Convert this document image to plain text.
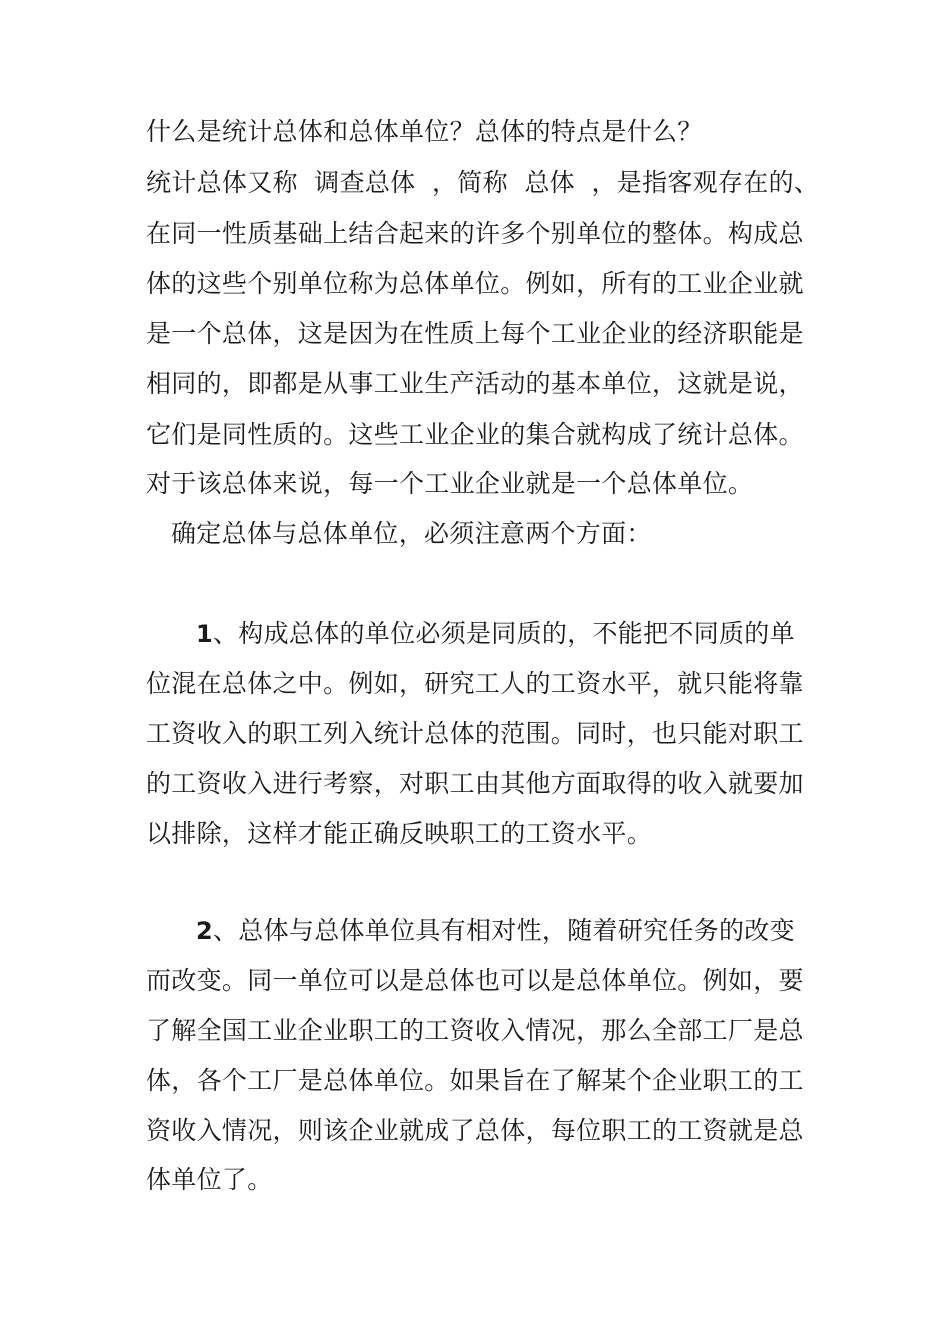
什么是统计总体和总体单位？总体的特点是什么？
统计总体又称  调查总体  ，简称  总体  ，是指客观存在的、
在同一性质基础上结合起来的许多个别单位的整体。构成总
体的这些个别单位称为总体单位。例如，所有的工业企业就
是一个总体，这是因为在性质上每个工业企业的经济职能是
相同的，即都是从事工业生产活动的基本单位，这就是说，
它们是同性质的。这些工业企业的集合就构成了统计总体。
对于该总体来说，每一个工业企业就是一个总体单位。
确定总体与总体单位，必须注意两个方面：
1、构成总体的单位必须是同质的，不能把不同质的单
位混在总体之中。例如，研究工人的工资水平，就只能将靠
工资收入的职工列入统计总体的范围。同时，也只能对职工
的工资收入进行考察，对职工由其他方面取得的收入就要加
以排除，这样才能正确反映职工的工资水平。
2、总体与总体单位具有相对性，随着研究任务的改变
而改变。同一单位可以是总体也可以是总体单位。例如，要
了解全国工业企业职工的工资收入情况，那么全部工厂是总
体，各个工厂是总体单位。如果旨在了解某个企业职工的工
资收入情况，则该企业就成了总体，每位职工的工资就是总
体单位了。
